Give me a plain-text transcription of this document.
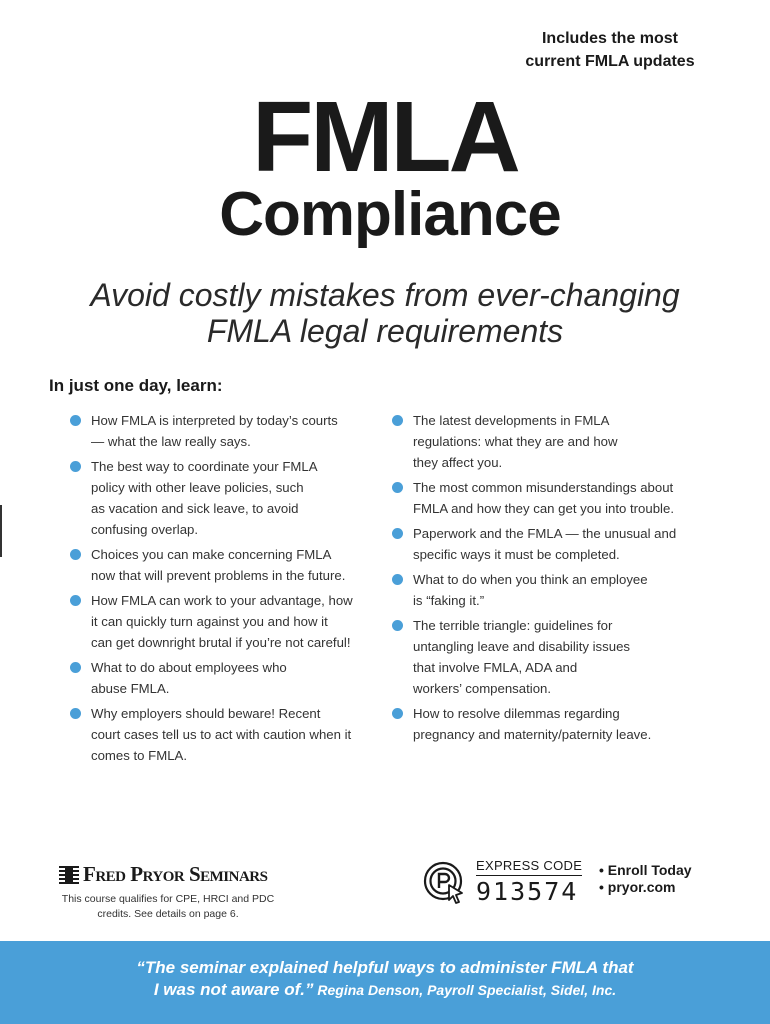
Includes the most
current FMLA updates
FMLA
Compliance
Avoid costly mistakes from ever-changing
FMLA legal requirements
In just one day, learn:
How FMLA is interpreted by today’s courts
— what the law really says.
The best way to coordinate your FMLA
policy with other leave policies, such
as vacation and sick leave, to avoid
confusing overlap.
Choices you can make concerning FMLA
now that will prevent problems in the future.
How FMLA can work to your advantage, how
it can quickly turn against you and how it
can get downright brutal if you’re not careful!
What to do about employees who
abuse FMLA.
Why employers should beware! Recent
court cases tell us to act with caution when it
comes to FMLA.
The latest developments in FMLA
regulations: what they are and how
they affect you.
The most common misunderstandings about
FMLA and how they can get you into trouble.
Paperwork and the FMLA — the unusual and
specific ways it must be completed.
What to do when you think an employee
is “faking it.”
The terrible triangle: guidelines for
untangling leave and disability issues
that involve FMLA, ADA and
workers’ compensation.
How to resolve dilemmas regarding
pregnancy and maternity/paternity leave.
Fred Pryor Seminars
This course qualifies for CPE, HRCI and PDC credits. See details on page 6.
EXPRESS CODE
913574
• Enroll Today
• pryor.com
“The seminar explained helpful ways to administer FMLA that
I was not aware of.” Regina Denson, Payroll Specialist, Sidel, Inc.
